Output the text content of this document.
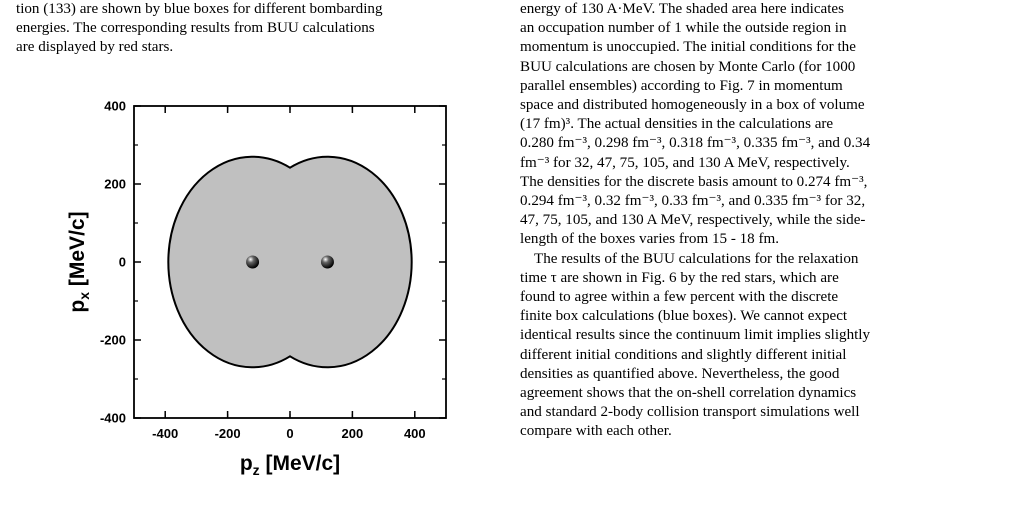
tion (133) are shown by blue boxes for different bombarding
energies. The corresponding results from BUU calculations
are displayed by red stars.
-400	-200	0	200	400
-400
-200
0
200
400
$p_z$ [MeV/c]
$p_x$ [MeV/c]
energy of 130 A·MeV. The shaded area here indicates
an occupation number of 1 while the outside region in
momentum is unoccupied. The initial conditions for the
BUU calculations are chosen by Monte Carlo (for 1000
parallel ensembles) according to Fig. 7 in momentum
space and distributed homogeneously in a box of volume
(17 fm)³. The actual densities in the calculations are
0.280 fm⁻³, 0.298 fm⁻³, 0.318 fm⁻³, 0.335 fm⁻³, and 0.34
fm⁻³ for 32, 47, 75, 105, and 130 A MeV, respectively.
The densities for the discrete basis amount to 0.274 fm⁻³,
0.294 fm⁻³, 0.32 fm⁻³, 0.33 fm⁻³, and 0.335 fm⁻³ for 32,
47, 75, 105, and 130 A MeV, respectively, while the side-
length of the boxes varies from 15 - 18 fm.
The results of the BUU calculations for the relaxation
time τ are shown in Fig. 6 by the red stars, which are
found to agree within a few percent with the discrete
finite box calculations (blue boxes). We cannot expect
identical results since the continuum limit implies slightly
different initial conditions and slightly different initial
densities as quantified above. Nevertheless, the good
agreement shows that the on-shell correlation dynamics
and standard 2-body collision transport simulations well
compare with each other.
